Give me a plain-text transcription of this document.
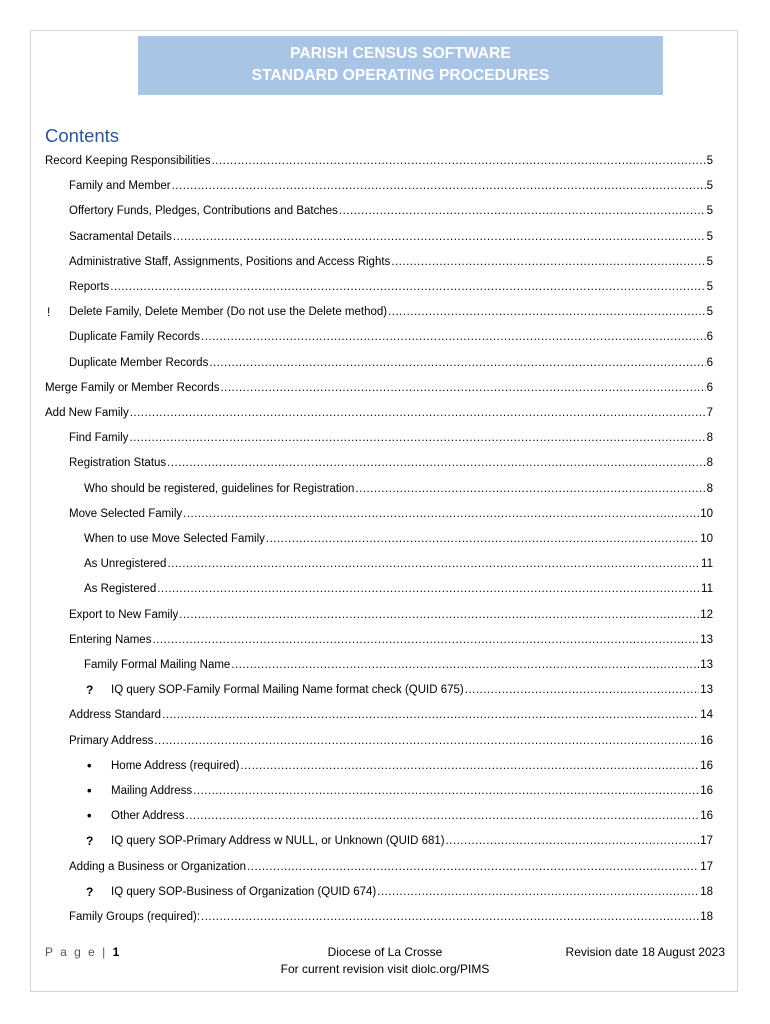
PARISH CENSUS SOFTWARE
STANDARD OPERATING PROCEDURES
Contents
Record Keeping Responsibilities .....	5
Family and Member .....	5
Offertory Funds, Pledges, Contributions and Batches .....	5
Sacramental Details .....	5
Administrative Staff, Assignments, Positions and Access Rights .....	5
Reports .....	5
! Delete Family, Delete Member (Do not use the Delete method) .....	5
Duplicate Family Records .....	6
Duplicate Member Records .....	6
Merge Family or Member Records .....	6
Add New Family .....	7
Find Family .....	8
Registration Status .....	8
Who should be registered, guidelines for Registration .....	8
Move Selected Family .....	10
When to use Move Selected Family .....	10
As Unregistered .....	11
As Registered .....	11
Export to New Family .....	12
Entering Names .....	13
Family Formal Mailing Name .....	13
? IQ query SOP-Family Formal Mailing Name format check (QUID 675) .....	13
Address Standard .....	14
Primary Address .....	16
• Home Address (required) .....	16
• Mailing Address .....	16
• Other Address .....	16
? IQ query SOP-Primary Address w NULL, or Unknown (QUID 681) .....	17
Adding a Business or Organization .....	17
? IQ query SOP-Business of Organization (QUID 674) .....	18
Family Groups (required): .....	18
P a g e | 1	Diocese of La Crosse
For current revision visit diolc.org/PIMS
Revision date 18 August 2023
